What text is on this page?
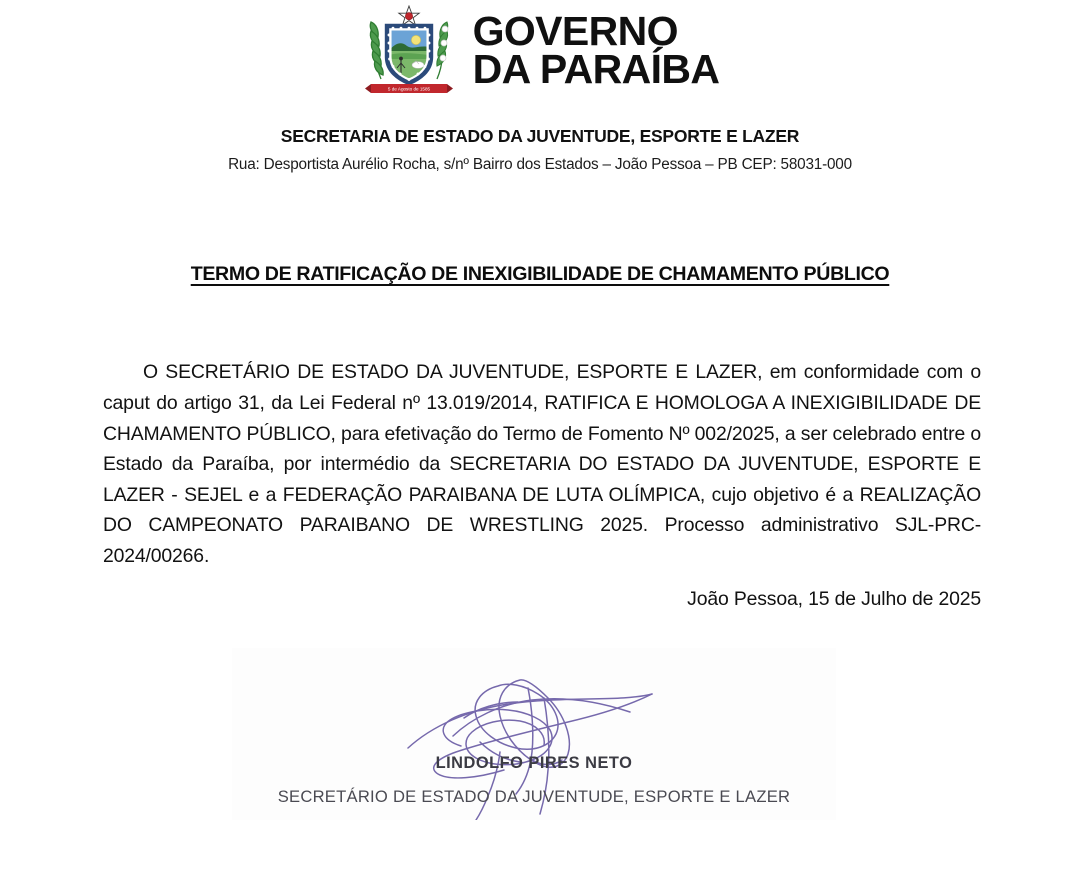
5 de Agosto de 1585
GOVERNO
DA PARAÍBA
SECRETARIA DE ESTADO DA JUVENTUDE, ESPORTE E LAZER
Rua: Desportista Aurélio Rocha, s/nº Bairro dos Estados – João Pessoa – PB CEP: 58031-000
TERMO DE RATIFICAÇÃO DE INEXIGIBILIDADE DE CHAMAMENTO PÚBLICO

O SECRETÁRIO DE ESTADO DA JUVENTUDE, ESPORTE E LAZER, em conformidade com o caput do artigo 31, da Lei Federal nº 13.019/2014, RATIFICA E HOMOLOGA A INEXIGIBILIDADE DE CHAMAMENTO PÚBLICO, para efetivação do Termo de Fomento Nº 002/2025, a ser celebrado entre o Estado da Paraíba, por intermédio da SECRETARIA DO ESTADO DA JUVENTUDE, ESPORTE E LAZER - SEJEL e a FEDERAÇÃO PARAIBANA DE LUTA OLÍMPICA, cujo objetivo é a REALIZAÇÃO DO CAMPEONATO PARAIBANO DE WRESTLING 2025. Processo administrativo SJL-PRC-2024/00266.

João Pessoa, 15 de Julho de 2025
LINDOLFO PIRES NETO
SECRETÁRIO DE ESTADO DA JUVENTUDE, ESPORTE E LAZER
